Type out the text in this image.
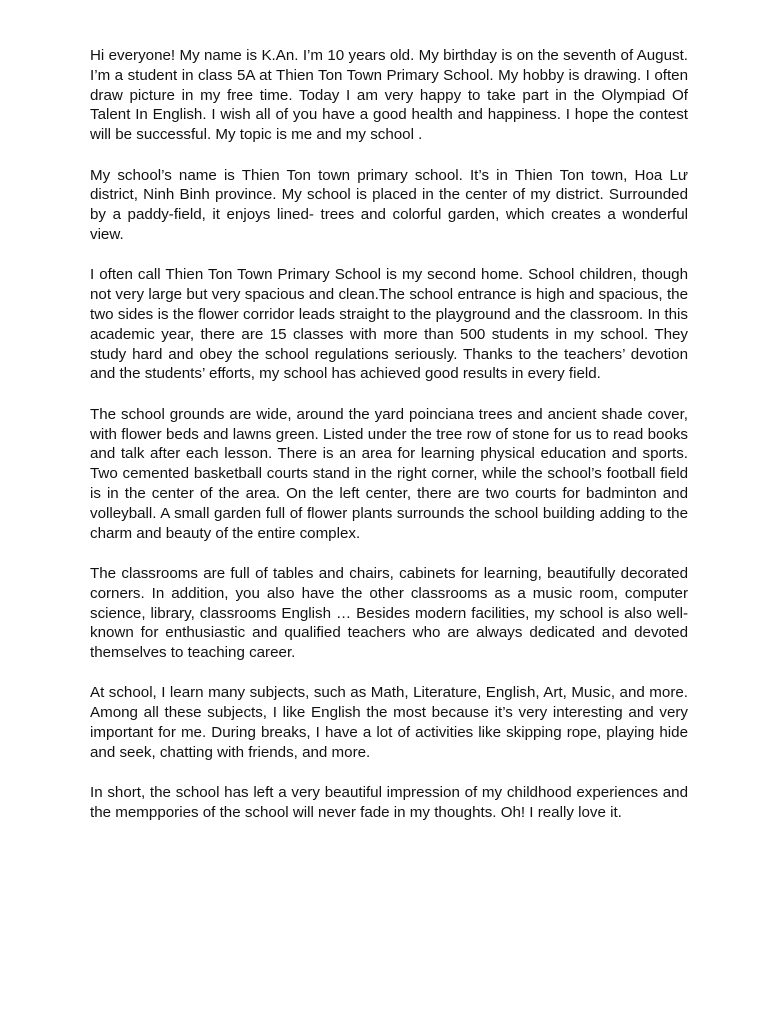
Hi everyone! My name is K.An. I’m 10 years old. My birthday is on the seventh of August. I’m a student in class 5A at Thien Ton Town Primary School. My hobby is drawing. I often draw picture in my free time. Today I am very happy to take part in the Olympiad Of Talent In English. I wish all of you have a good health and happiness. I hope the contest will be successful. My topic is me and my school .

My school’s name is Thien Ton town primary school. It’s in Thien Ton town, Hoa Lư district, Ninh Binh province. My school is placed in the center of my district. Surrounded by a paddy-field, it enjoys lined- trees and colorful garden, which creates a wonderful view.

I often call Thien Ton Town Primary School is my second home. School children, though not very large but very spacious and clean.The school entrance is high and spacious, the two sides is the flower corridor leads straight to the playground and the classroom. In this academic year, there are 15 classes with more than 500 students in my school. They study hard and obey the school regulations seriously. Thanks to the teachers’ devotion and the students’ efforts, my school has achieved good results in every field.

The school grounds are wide, around the yard poinciana trees and ancient shade cover, with flower beds and lawns green. Listed under the tree row of stone for us to read books and talk after each lesson. There is an area for learning physical education and sports. Two cemented basketball courts stand in the right corner, while the school’s football field is in the center of the area. On the left center, there are two courts for badminton and volleyball. A small garden full of flower plants surrounds the school building adding to the charm and beauty of the entire complex.

The classrooms are full of tables and chairs, cabinets for learning, beautifully decorated corners. In addition, you also have the other classrooms as a music room, computer science, library, classrooms English … Besides modern facilities, my school is also well-known for enthusiastic and qualified teachers who are always dedicated and devoted themselves to teaching career.

At school, I learn many subjects, such as Math, Literature, English, Art, Music, and more. Among all these subjects, I like English the most because it’s very interesting and very important for me. During breaks, I have a lot of activities like skipping rope, playing hide and seek, chatting with friends, and more.

In short, the school has left a very beautiful impression of my childhood experiences and the memppories of the school will never fade in my thoughts. Oh! I really love it.
